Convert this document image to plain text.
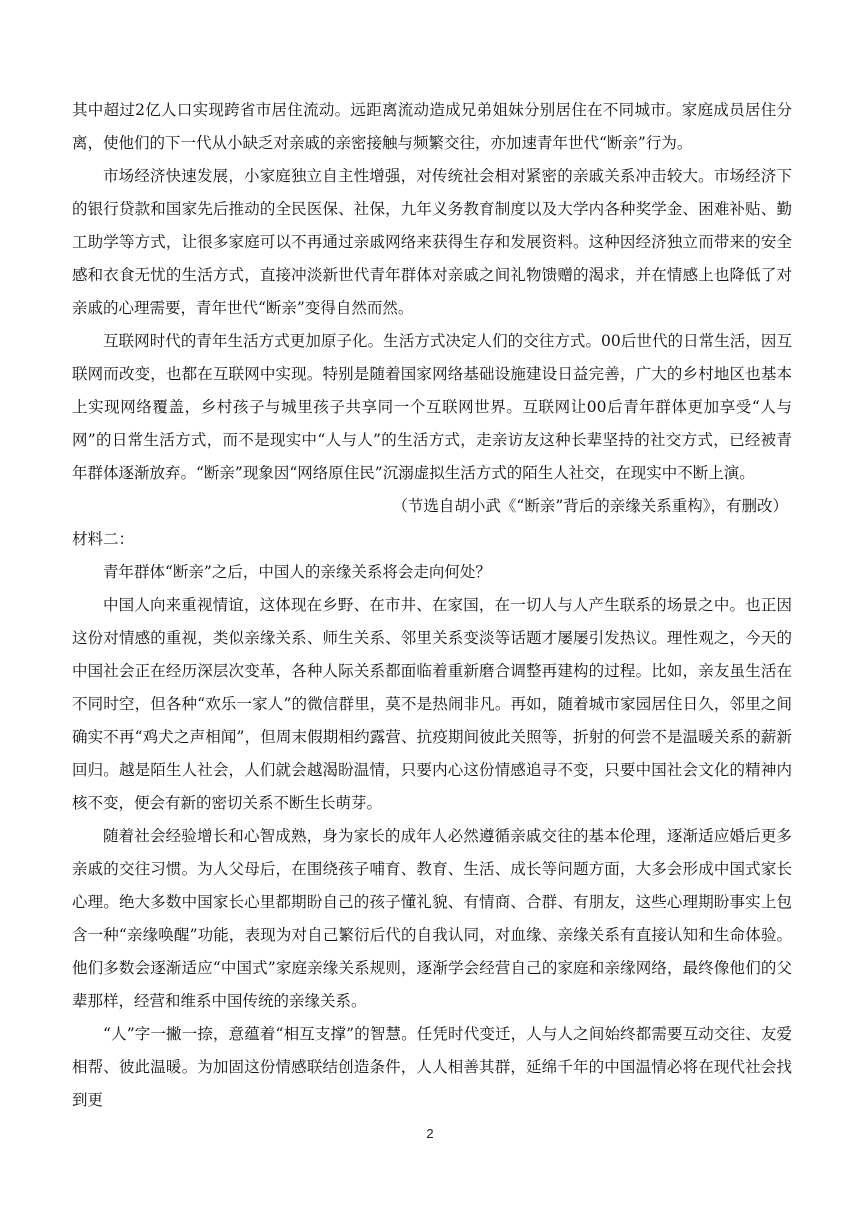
其中超过2亿人口实现跨省市居住流动。远距离流动造成兄弟姐妹分别居住在不同城市。家庭成员居住分离，使他们的下一代从小缺乏对亲戚的亲密接触与频繁交往，亦加速青年世代“断亲”行为。

市场经济快速发展，小家庭独立自主性增强，对传统社会相对紧密的亲戚关系冲击较大。市场经济下的银行贷款和国家先后推动的全民医保、社保，九年义务教育制度以及大学内各种奖学金、困难补贴、勤工助学等方式，让很多家庭可以不再通过亲戚网络来获得生存和发展资料。这种因经济独立而带来的安全感和衣食无忧的生活方式，直接冲淡新世代青年群体对亲戚之间礼物馈赠的渴求，并在情感上也降低了对亲戚的心理需要，青年世代“断亲”变得自然而然。

互联网时代的青年生活方式更加原子化。生活方式决定人们的交往方式。00后世代的日常生活，因互联网而改变，也都在互联网中实现。特别是随着国家网络基础设施建设日益完善，广大的乡村地区也基本上实现网络覆盖，乡村孩子与城里孩子共享同一个互联网世界。互联网让00后青年群体更加享受“人与网”的日常生活方式，而不是现实中“人与人”的生活方式，走亲访友这种长辈坚持的社交方式，已经被青年群体逐渐放弃。“断亲”现象因“网络原住民”沉溺虚拟生活方式的陌生人社交，在现实中不断上演。

（节选自胡小武《“断亲”背后的亲缘关系重构》，有删改）

材料二：

青年群体“断亲”之后，中国人的亲缘关系将会走向何处？

中国人向来重视情谊，这体现在乡野、在市井、在家国，在一切人与人产生联系的场景之中。也正因这份对情感的重视，类似亲缘关系、师生关系、邻里关系变淡等话题才屡屡引发热议。理性观之，今天的中国社会正在经历深层次变革，各种人际关系都面临着重新磨合调整再建构的过程。比如，亲友虽生活在不同时空，但各种“欢乐一家人”的微信群里，莫不是热闹非凡。再如，随着城市家园居住日久，邻里之间确实不再“鸡犬之声相闻”，但周末假期相约露营、抗疫期间彼此关照等，折射的何尝不是温暖关系的薪新回归。越是陌生人社会，人们就会越渴盼温情，只要内心这份情感追寻不变，只要中国社会文化的精神内核不变，便会有新的密切关系不断生长萌芽。

随着社会经验增长和心智成熟，身为家长的成年人必然遵循亲戚交往的基本伦理，逐渐适应婚后更多亲戚的交往习惯。为人父母后，在围绕孩子哺育、教育、生活、成长等问题方面，大多会形成中国式家长心理。绝大多数中国家长心里都期盼自己的孩子懂礼貌、有情商、合群、有朋友，这些心理期盼事实上包含一种“亲缘唤醒”功能，表现为对自己繁衍后代的自我认同，对血缘、亲缘关系有直接认知和生命体验。他们多数会逐渐适应“中国式”家庭亲缘关系规则，逐渐学会经营自己的家庭和亲缘网络，最终像他们的父辈那样，经营和维系中国传统的亲缘关系。

“人”字一撇一捺，意蕴着“相互支撑”的智慧。任凭时代变迁，人与人之间始终都需要互动交往、友爱相帮、彼此温暖。为加固这份情感联结创造条件，人人相善其群，延绵千年的中国温情必将在现代社会找到更

2
